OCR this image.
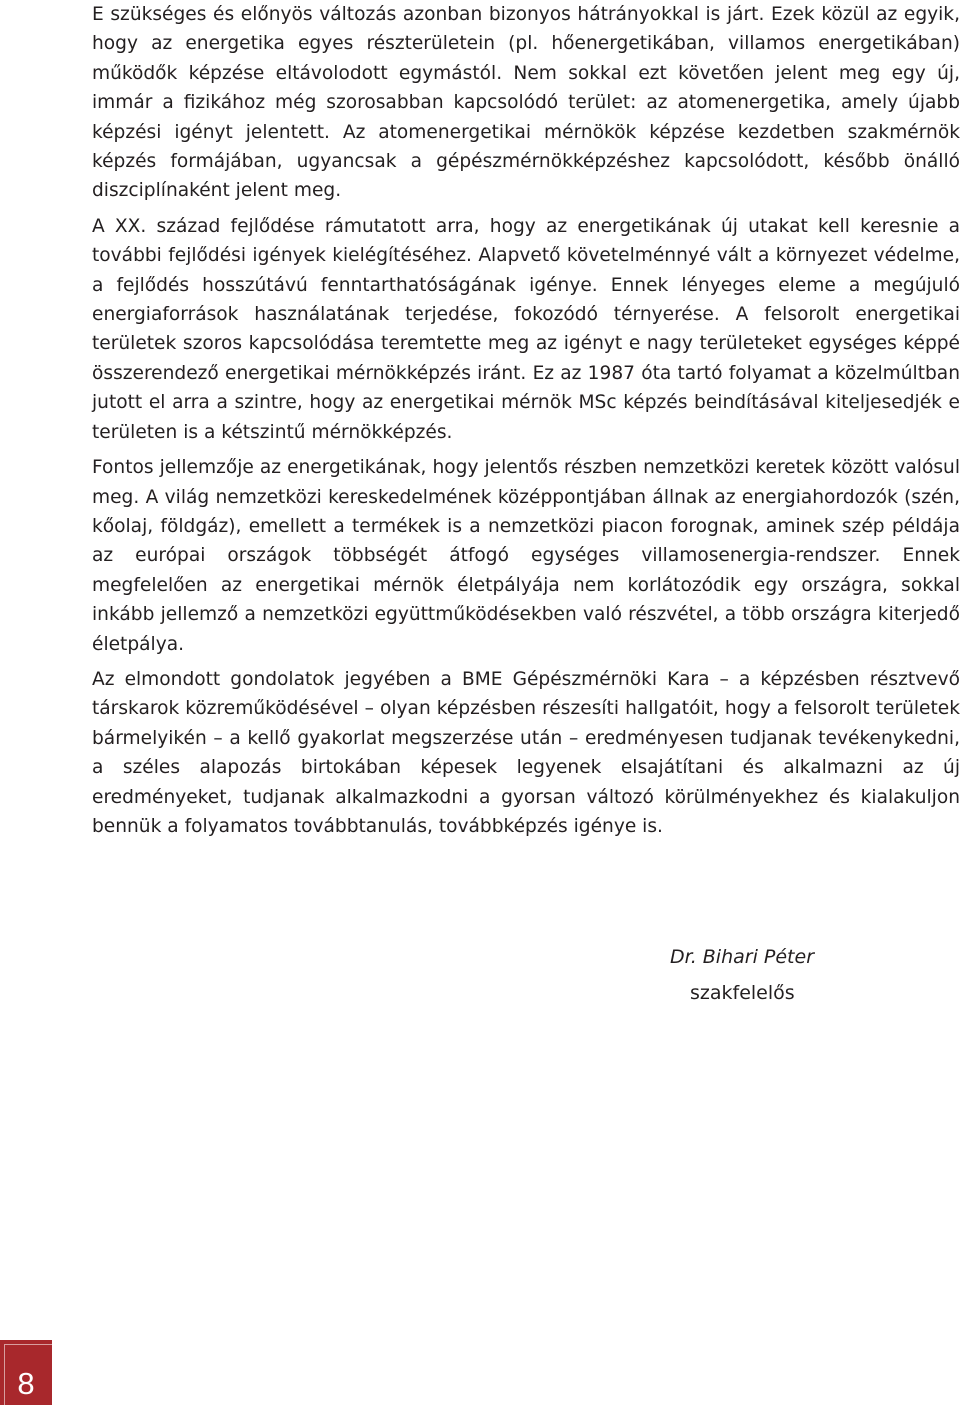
E szükséges és előnyös változás azonban bizonyos hátrányokkal is járt. Ezek közül az egyik, hogy az energetika egyes részterületein (pl. hőenergetikában, villamos energetikában) működők képzése eltávolodott egymástól. Nem sokkal ezt követően jelent meg egy új, immár a fizikához még szorosabban kapcsolódó terület: az atomenergetika, amely újabb képzési igényt jelentett. Az atomenergetikai mérnökök képzése kezdetben szakmérnök képzés formájában, ugyancsak a gépészmérnökképzéshez kapcsolódott, később önálló diszciplínaként jelent meg.

A XX. század fejlődése rámutatott arra, hogy az energetikának új utakat kell keresnie a további fejlődési igények kielégítéséhez. Alapvető követelménnyé vált a környezet védelme, a fejlődés hosszútávú fenntarthatóságának igénye. Ennek lényeges eleme a megújuló energiaforrások használatának terjedése, fokozódó térnyerése. A felsorolt energetikai területek szoros kapcsolódása teremtette meg az igényt e nagy területeket egységes képpé összerendező energetikai mérnökképzés iránt. Ez az 1987 óta tartó folyamat a közelmúltban jutott el arra a szintre, hogy az energetikai mérnök MSc képzés beindításával kiteljesedjék e területen is a kétszintű mérnökképzés.

Fontos jellemzője az energetikának, hogy jelentős részben nemzetközi keretek között valósul meg. A világ nemzetközi kereskedelmének középpontjában állnak az energiahordozók (szén, kőolaj, földgáz), emellett a termékek is a nemzetközi piacon forognak, aminek szép példája az európai országok többségét átfogó egységes villamosenergia-rendszer. Ennek megfelelően az energetikai mérnök életpályája nem korlátozódik egy országra, sokkal inkább jellemző a nemzetközi együttműködésekben való részvétel, a több országra kiterjedő életpálya.

Az elmondott gondolatok jegyében a BME Gépészmérnöki Kara – a képzésben résztvevő társkarok közreműködésével – olyan képzésben részesíti hallgatóit, hogy a felsorolt területek bármelyikén – a kellő gyakorlat megszerzése után – eredményesen tudjanak tevékenykedni, a széles alapozás birtokában képesek legyenek elsajátítani és alkalmazni az új eredményeket, tudjanak alkalmazkodni a gyorsan változó körülményekhez és kialakuljon bennük a folyamatos továbbtanulás, továbbképzés igénye is.

Dr. Bihari Péter
szakfelelős
8
